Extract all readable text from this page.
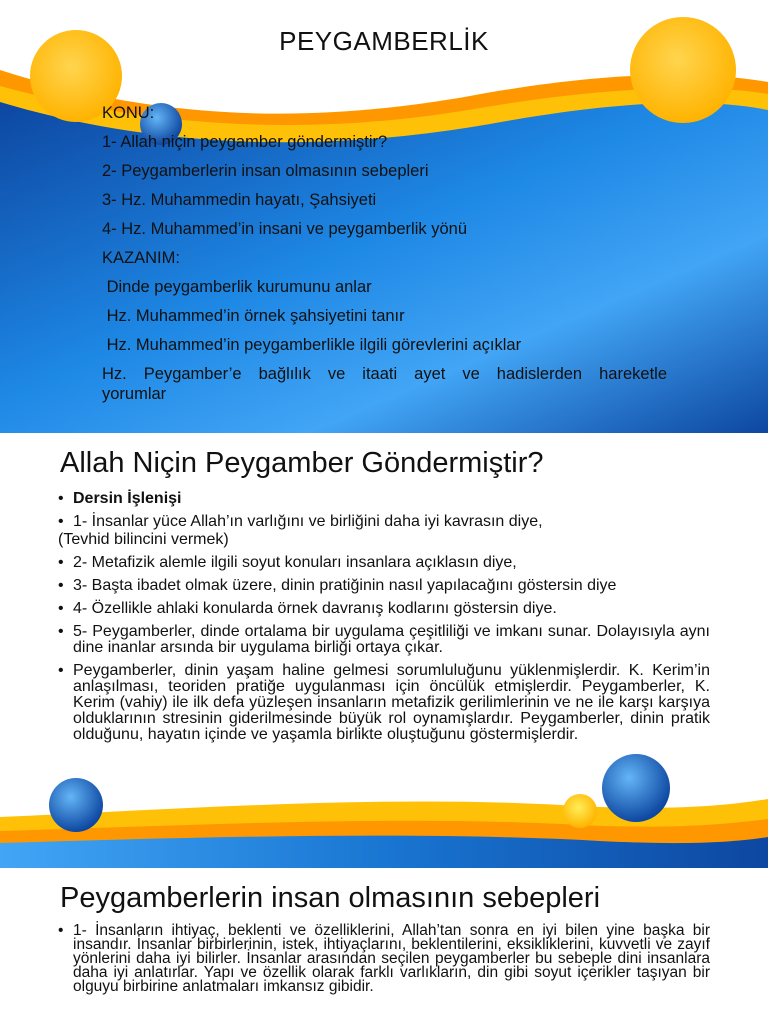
PEYGAMBERLİK

KONU:

1- Allah niçin peygamber göndermiştir?

2- Peygamberlerin insan olmasının sebepleri

3- Hz. Muhammedin hayatı, Şahsiyeti

4- Hz. Muhammed’in insani ve peygamberlik yönü

KAZANIM:

Dinde peygamberlik kurumunu anlar

Hz. Muhammed’in örnek şahsiyetini tanır

Hz. Muhammed’in peygamberlikle ilgili görevlerini açıklar

Hz. Peygamber’e bağlılık ve itaati ayet ve hadislerden hareketle

yorumlar

Allah Niçin Peygamber Göndermiştir?
• Dersin İşlenişi
• 1- İnsanlar yüce Allah’ın varlığını ve birliğini daha iyi kavrasın diye,
(Tevhid bilincini vermek)
• 2- Metafizik alemle ilgili soyut konuları insanlara açıklasın diye,
• 3- Başta ibadet olmak üzere, dinin pratiğinin nasıl yapılacağını göstersin diye
• 4- Özellikle ahlaki konularda örnek davranış kodlarını göstersin diye.
• 5- Peygamberler, dinde ortalama bir uygulama çeşitliliği ve imkanı sunar. Dolayısıyla aynı dine inanlar arsında bir uygulama birliği ortaya çıkar.
• Peygamberler, dinin yaşam haline gelmesi sorumluluğunu yüklenmişlerdir. K. Kerim’in anlaşılması, teoriden pratiğe uygulanması için öncülük etmişlerdir. Peygamberler, K. Kerim (vahiy) ile ilk defa yüzleşen insanların metafizik gerilimlerinin ve ne ile karşı karşıya olduklarının stresinin giderilmesinde büyük rol oynamışlardır. Peygamberler, dinin pratik olduğunu, hayatın içinde ve yaşamla birlikte oluştuğunu göstermişlerdir.
Peygamberlerin insan olmasının sebepleri
• 1- İnsanların ihtiyaç, beklenti ve özelliklerini, Allah’tan sonra en iyi bilen yine başka bir insandır. İnsanlar birbirlerinin, istek, ihtiyaçlarını, beklentilerini, eksikliklerini, kuvvetli ve zayıf yönlerini daha iyi bilirler. İnsanlar arasından seçilen peygamberler bu sebeple dini insanlara daha iyi anlatırlar. Yapı ve özellik olarak farklı varlıkların, din gibi soyut içerikler taşıyan bir olguyu birbirine anlatmaları imkansız gibidir.
